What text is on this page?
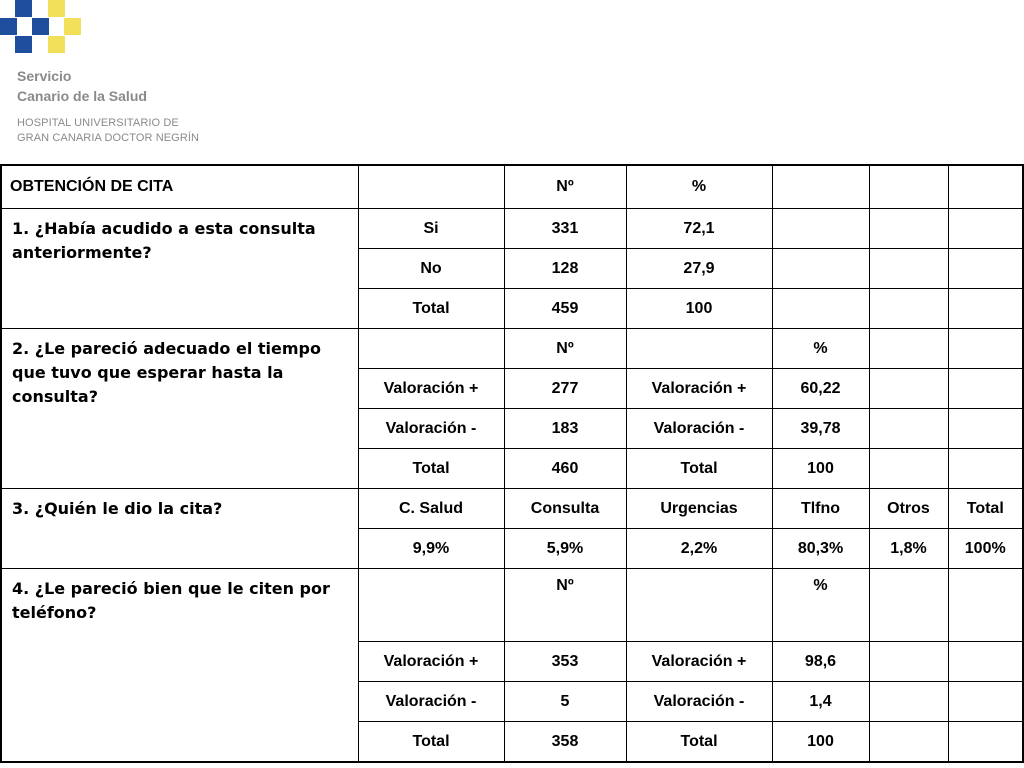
Servicio
Canario de la Salud
HOSPITAL UNIVERSITARIO DE
GRAN CANARIA DOCTOR NEGRÍN
OBTENCIÓN DE CITA		Nº	%			
1. ¿Había acudido a esta consulta anteriormente?	Si	331	72,1			
	No	128	27,9			
	Total	459	100			
2. ¿Le pareció adecuado el tiempo que tuvo que esperar hasta la consulta?		Nº		%		
	Valoración +	277	Valoración +	60,22		
	Valoración -	183	Valoración -	39,78		
	Total	460	Total	100		
3. ¿Quién le dio la cita?	C. Salud	Consulta	Urgencias	Tlfno	Otros	Total
	9,9%	5,9%	2,2%	80,3%	1,8%	100%
4. ¿Le pareció bien que le citen por teléfono?		Nº		%		
	Valoración +	353	Valoración +	98,6		
	Valoración -	5	Valoración -	1,4		
	Total	358	Total	100		
